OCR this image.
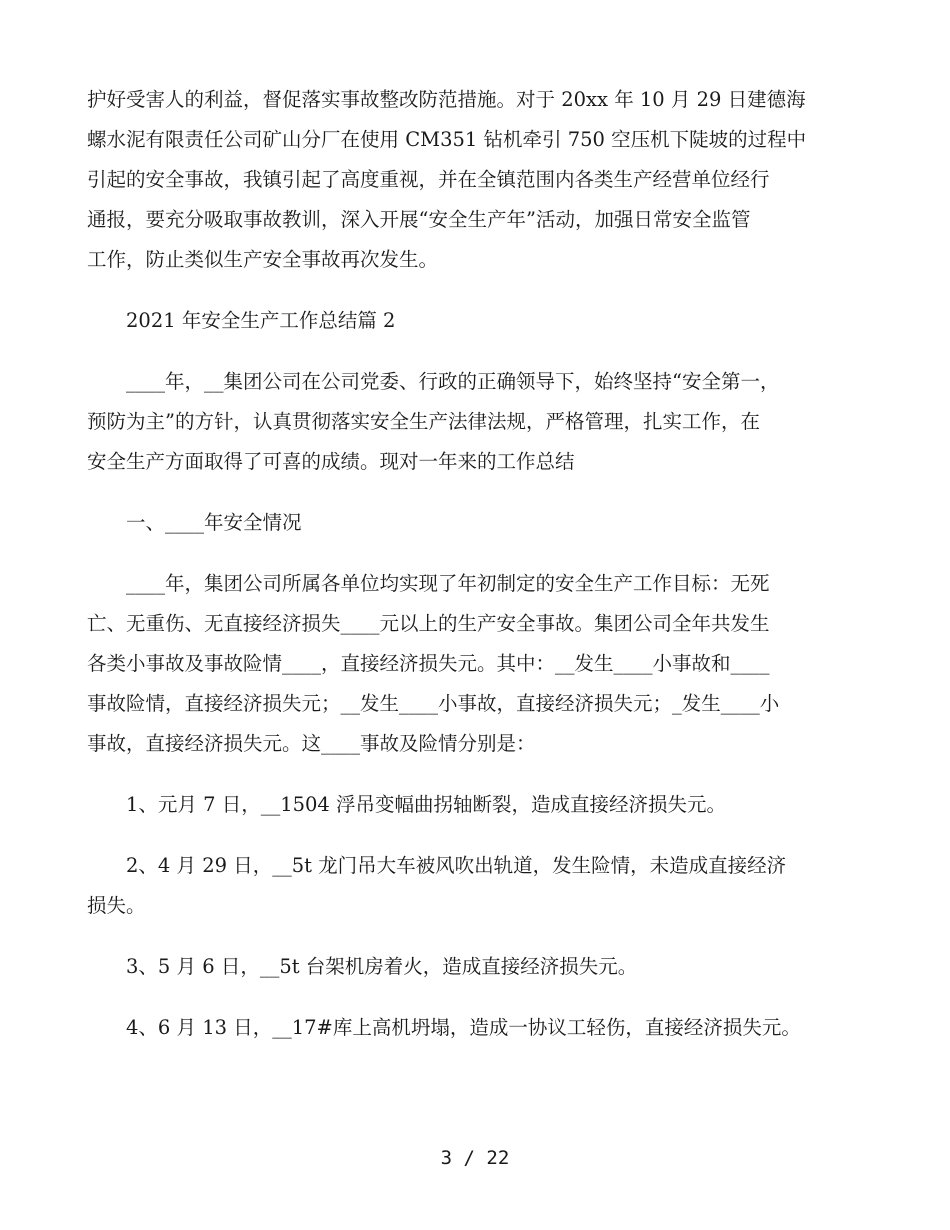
护好受害人的利益，督促落实事故整改防范措施。对于 20xx 年 10 月 29 日建德海
螺水泥有限责任公司矿山分厂在使用 CM351 钻机牵引 750 空压机下陡坡的过程中
引起的安全事故，我镇引起了高度重视，并在全镇范围内各类生产经营单位经行
通报，要充分吸取事故教训，深入开展“安全生产年”活动，加强日常安全监管
工作，防止类似生产安全事故再次发生。

　　2021 年安全生产工作总结篇 2

　　____年，__集团公司在公司党委、行政的正确领导下，始终坚持“安全第一，
预防为主”的方针，认真贯彻落实安全生产法律法规，严格管理，扎实工作，在
安全生产方面取得了可喜的成绩。现对一年来的工作总结

　　一、____年安全情况

　　____年，集团公司所属各单位均实现了年初制定的安全生产工作目标：无死
亡、无重伤、无直接经济损失____元以上的生产安全事故。集团公司全年共发生
各类小事故及事故险情____，直接经济损失元。其中：__发生____小事故和____
事故险情，直接经济损失元；__发生____小事故，直接经济损失元；_发生____小
事故，直接经济损失元。这____事故及险情分别是：

　　1、元月 7 日，__1504 浮吊变幅曲拐轴断裂，造成直接经济损失元。

　　2、4 月 29 日，__5t 龙门吊大车被风吹出轨道，发生险情，未造成直接经济
损失。

　　3、5 月 6 日，__5t 台架机房着火，造成直接经济损失元。

　　4、6 月 13 日，__17#库上高机坍塌，造成一协议工轻伤，直接经济损失元。

3 / 22
